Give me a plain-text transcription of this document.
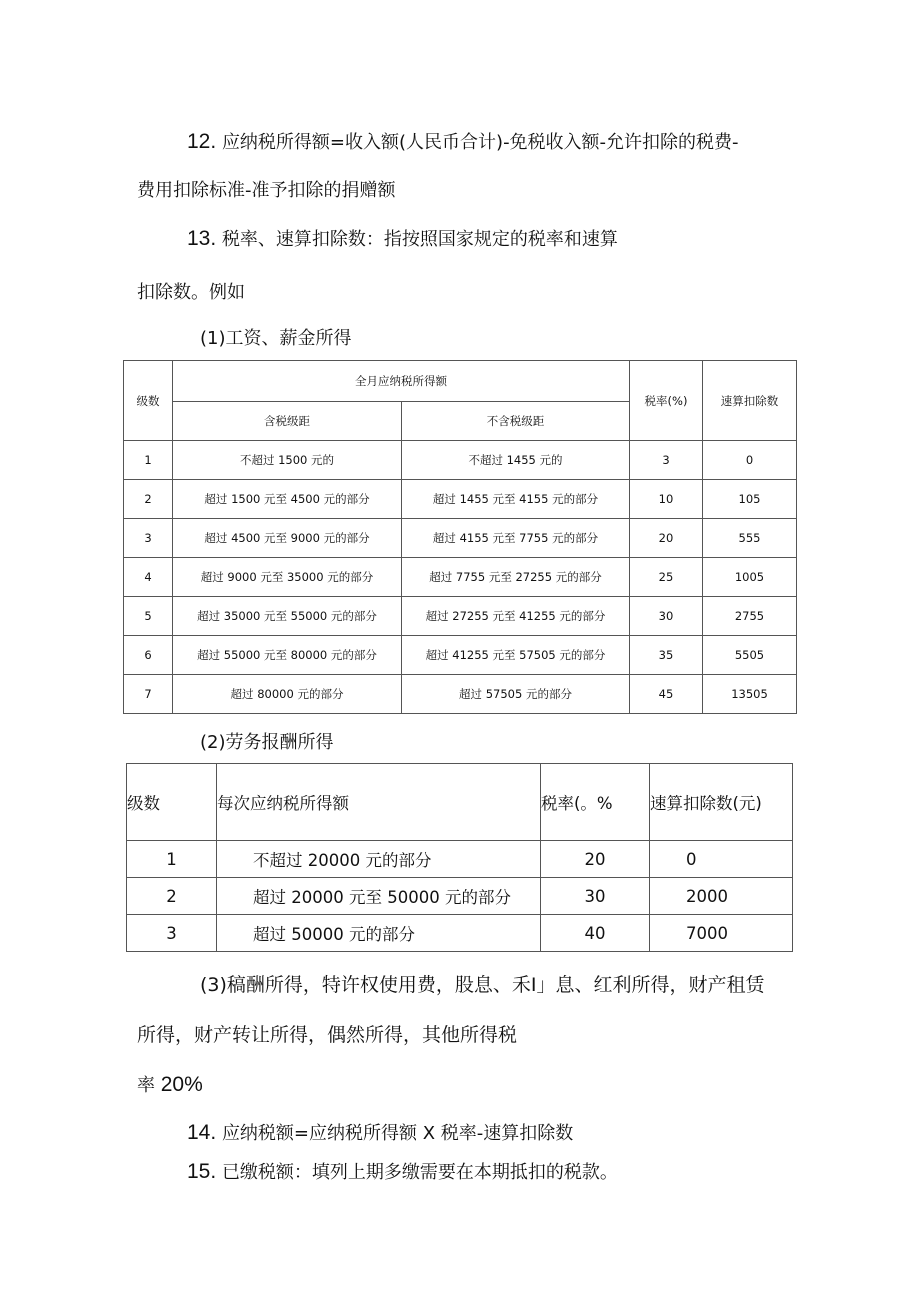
12. 应纳税所得额=收入额(人民币合计)-免税收入额-允许扣除的税费-
费用扣除标准-准予扣除的捐赠额
13. 税率、速算扣除数：指按照国家规定的税率和速算
扣除数。例如
(1)工资、薪金所得
级数	全月应纳税所得额		税率(%)	速算扣除数
	含税级距	不含税级距		
1	不超过 1500 元的	不超过 1455 元的	3	0
2	超过 1500 元至 4500 元的部分	超过 1455 元至 4155 元的部分	10	105
3	超过 4500 元至 9000 元的部分	超过 4155 元至 7755 元的部分	20	555
4	超过 9000 元至 35000 元的部分	超过 7755 元至 27255 元的部分	25	1005
5	超过 35000 元至 55000 元的部分	超过 27255 元至 41255 元的部分	30	2755
6	超过 55000 元至 80000 元的部分	超过 41255 元至 57505 元的部分	35	5505
7	超过 80000 元的部分	超过 57505 元的部分	45	13505
(2)劳务报酬所得
级数	每次应纳税所得额	税率(。%	速算扣除数(元)
1	不超过 20000 元的部分	20	0
2	超过 20000 元至 50000 元的部分	30	2000
3	超过 50000 元的部分	40	7000
(3)稿酬所得，特许权使用费，股息、禾I」息、红利所得，财产租赁
所得，财产转让所得，偶然所得，其他所得税
率 20%
14. 应纳税额=应纳税所得额 X 税率-速算扣除数
15. 已缴税额：填列上期多缴需要在本期抵扣的税款。
